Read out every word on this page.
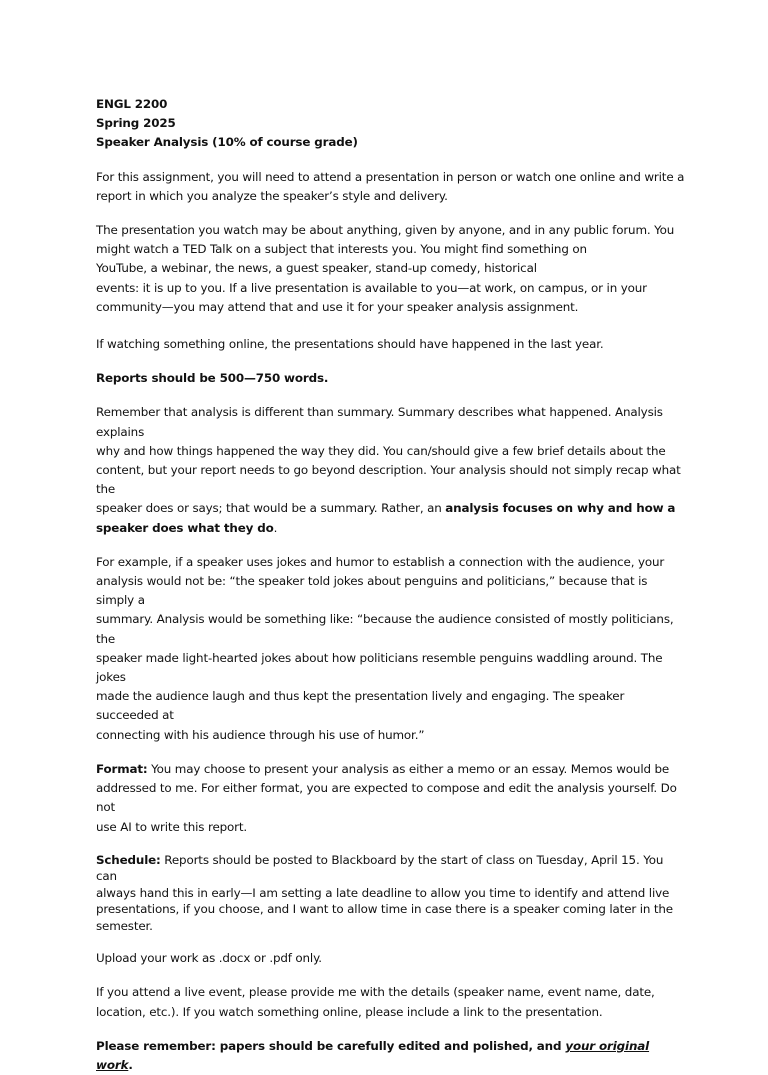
ENGL 2200
Spring 2025
Speaker Analysis (10% of course grade)

For this assignment, you will need to attend a presentation in person or watch one online and write a
report in which you analyze the speaker’s style and delivery.

The presentation you watch may be about anything, given by anyone, and in any public forum. You
might watch a TED Talk on a subject that interests you. You might find something on
YouTube, a webinar, the news, a guest speaker, stand-up comedy, historical
events: it is up to you. If a live presentation is available to you—at work, on campus, or in your
community—you may attend that and use it for your speaker analysis assignment.

If watching something online, the presentations should have happened in the last year.

Reports should be 500—750 words.

Remember that analysis is different than summary. Summary describes what happened. Analysis explains
why and how things happened the way they did. You can/should give a few brief details about the
content, but your report needs to go beyond description. Your analysis should not simply recap what the
speaker does or says; that would be a summary. Rather, an analysis focuses on why and how a
speaker does what they do.

For example, if a speaker uses jokes and humor to establish a connection with the audience, your
analysis would not be: “the speaker told jokes about penguins and politicians,” because that is simply a
summary. Analysis would be something like: “because the audience consisted of mostly politicians, the
speaker made light-hearted jokes about how politicians resemble penguins waddling around. The jokes
made the audience laugh and thus kept the presentation lively and engaging. The speaker succeeded at
connecting with his audience through his use of humor.”

Format: You may choose to present your analysis as either a memo or an essay. Memos would be
addressed to me. For either format, you are expected to compose and edit the analysis yourself. Do not
use AI to write this report.

Schedule: Reports should be posted to Blackboard by the start of class on Tuesday, April 15. You can
always hand this in early—I am setting a late deadline to allow you time to identify and attend live
presentations, if you choose, and I want to allow time in case there is a speaker coming later in the
semester.

Upload your work as .docx or .pdf only.

If you attend a live event, please provide me with the details (speaker name, event name, date,
location, etc.). If you watch something online, please include a link to the presentation.

Please remember: papers should be carefully edited and polished, and your original work.
